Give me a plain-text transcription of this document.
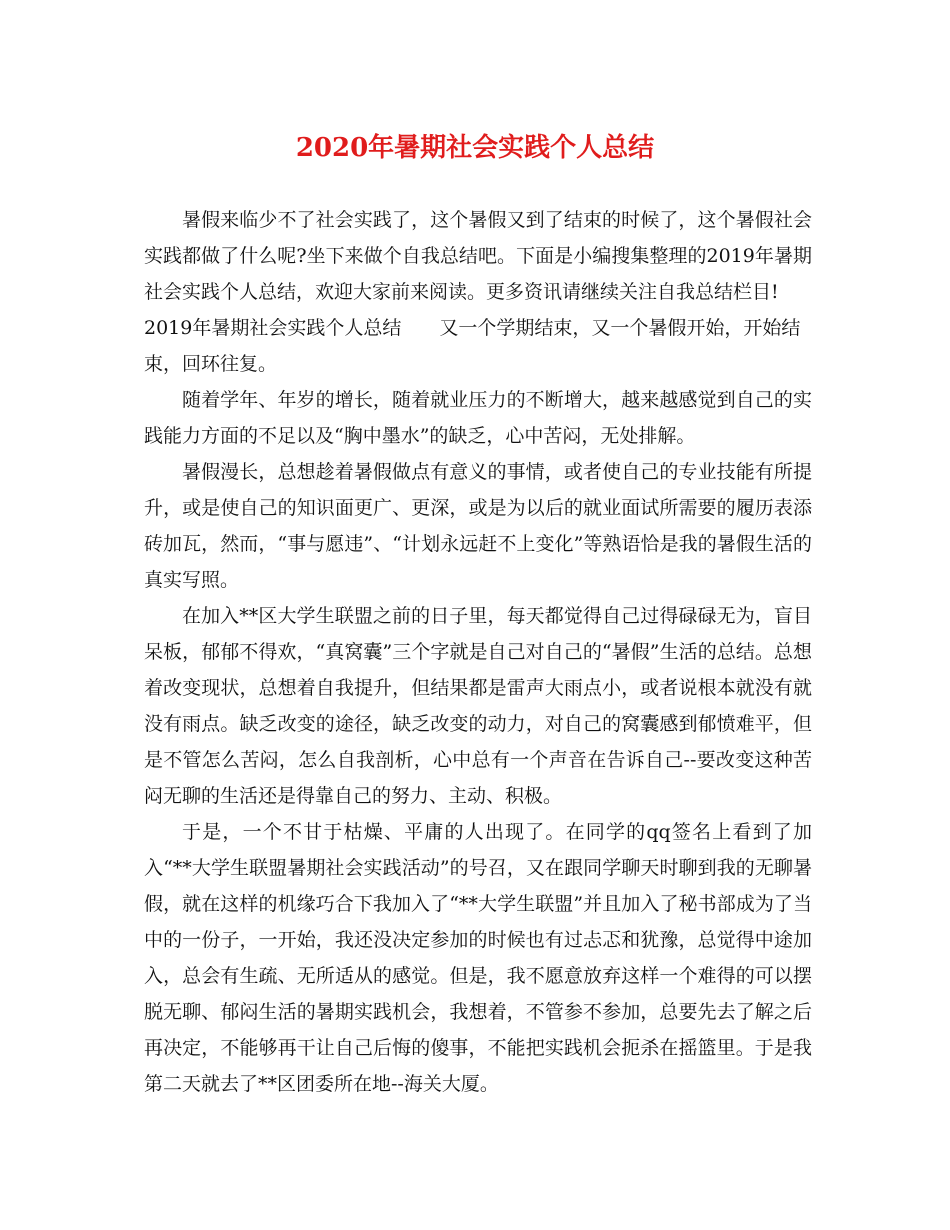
2020年暑期社会实践个人总结

暑假来临少不了社会实践了，这个暑假又到了结束的时候了，这个暑假社会实践都做了什么呢?坐下来做个自我总结吧。下面是小编搜集整理的2019年暑期社会实践个人总结，欢迎大家前来阅读。更多资讯请继续关注自我总结栏目!

2019年暑期社会实践个人总结　　又一个学期结束，又一个暑假开始，开始结束，回环往复。

随着学年、年岁的增长，随着就业压力的不断增大，越来越感觉到自己的实践能力方面的不足以及“胸中墨水”的缺乏，心中苦闷，无处排解。

暑假漫长，总想趁着暑假做点有意义的事情，或者使自己的专业技能有所提升，或是使自己的知识面更广、更深，或是为以后的就业面试所需要的履历表添砖加瓦，然而，“事与愿违”、“计划永远赶不上变化”等熟语恰是我的暑假生活的真实写照。

在加入**区大学生联盟之前的日子里，每天都觉得自己过得碌碌无为，盲目呆板，郁郁不得欢，“真窝囊”三个字就是自己对自己的“暑假”生活的总结。总想着改变现状，总想着自我提升，但结果都是雷声大雨点小，或者说根本就没有就没有雨点。缺乏改变的途径，缺乏改变的动力，对自己的窝囊感到郁愤难平，但是不管怎么苦闷，怎么自我剖析，心中总有一个声音在告诉自己--要改变这种苦闷无聊的生活还是得靠自己的努力、主动、积极。

于是，一个不甘于枯燥、平庸的人出现了。在同学的qq签名上看到了加入“**大学生联盟暑期社会实践活动”的号召，又在跟同学聊天时聊到我的无聊暑假，就在这样的机缘巧合下我加入了“**大学生联盟”并且加入了秘书部成为了当中的一份子，一开始，我还没决定参加的时候也有过忐忑和犹豫，总觉得中途加入，总会有生疏、无所适从的感觉。但是，我不愿意放弃这样一个难得的可以摆脱无聊、郁闷生活的暑期实践机会，我想着，不管参不参加，总要先去了解之后再决定，不能够再干让自己后悔的傻事，不能把实践机会扼杀在摇篮里。于是我第二天就去了**区团委所在地--海关大厦。
